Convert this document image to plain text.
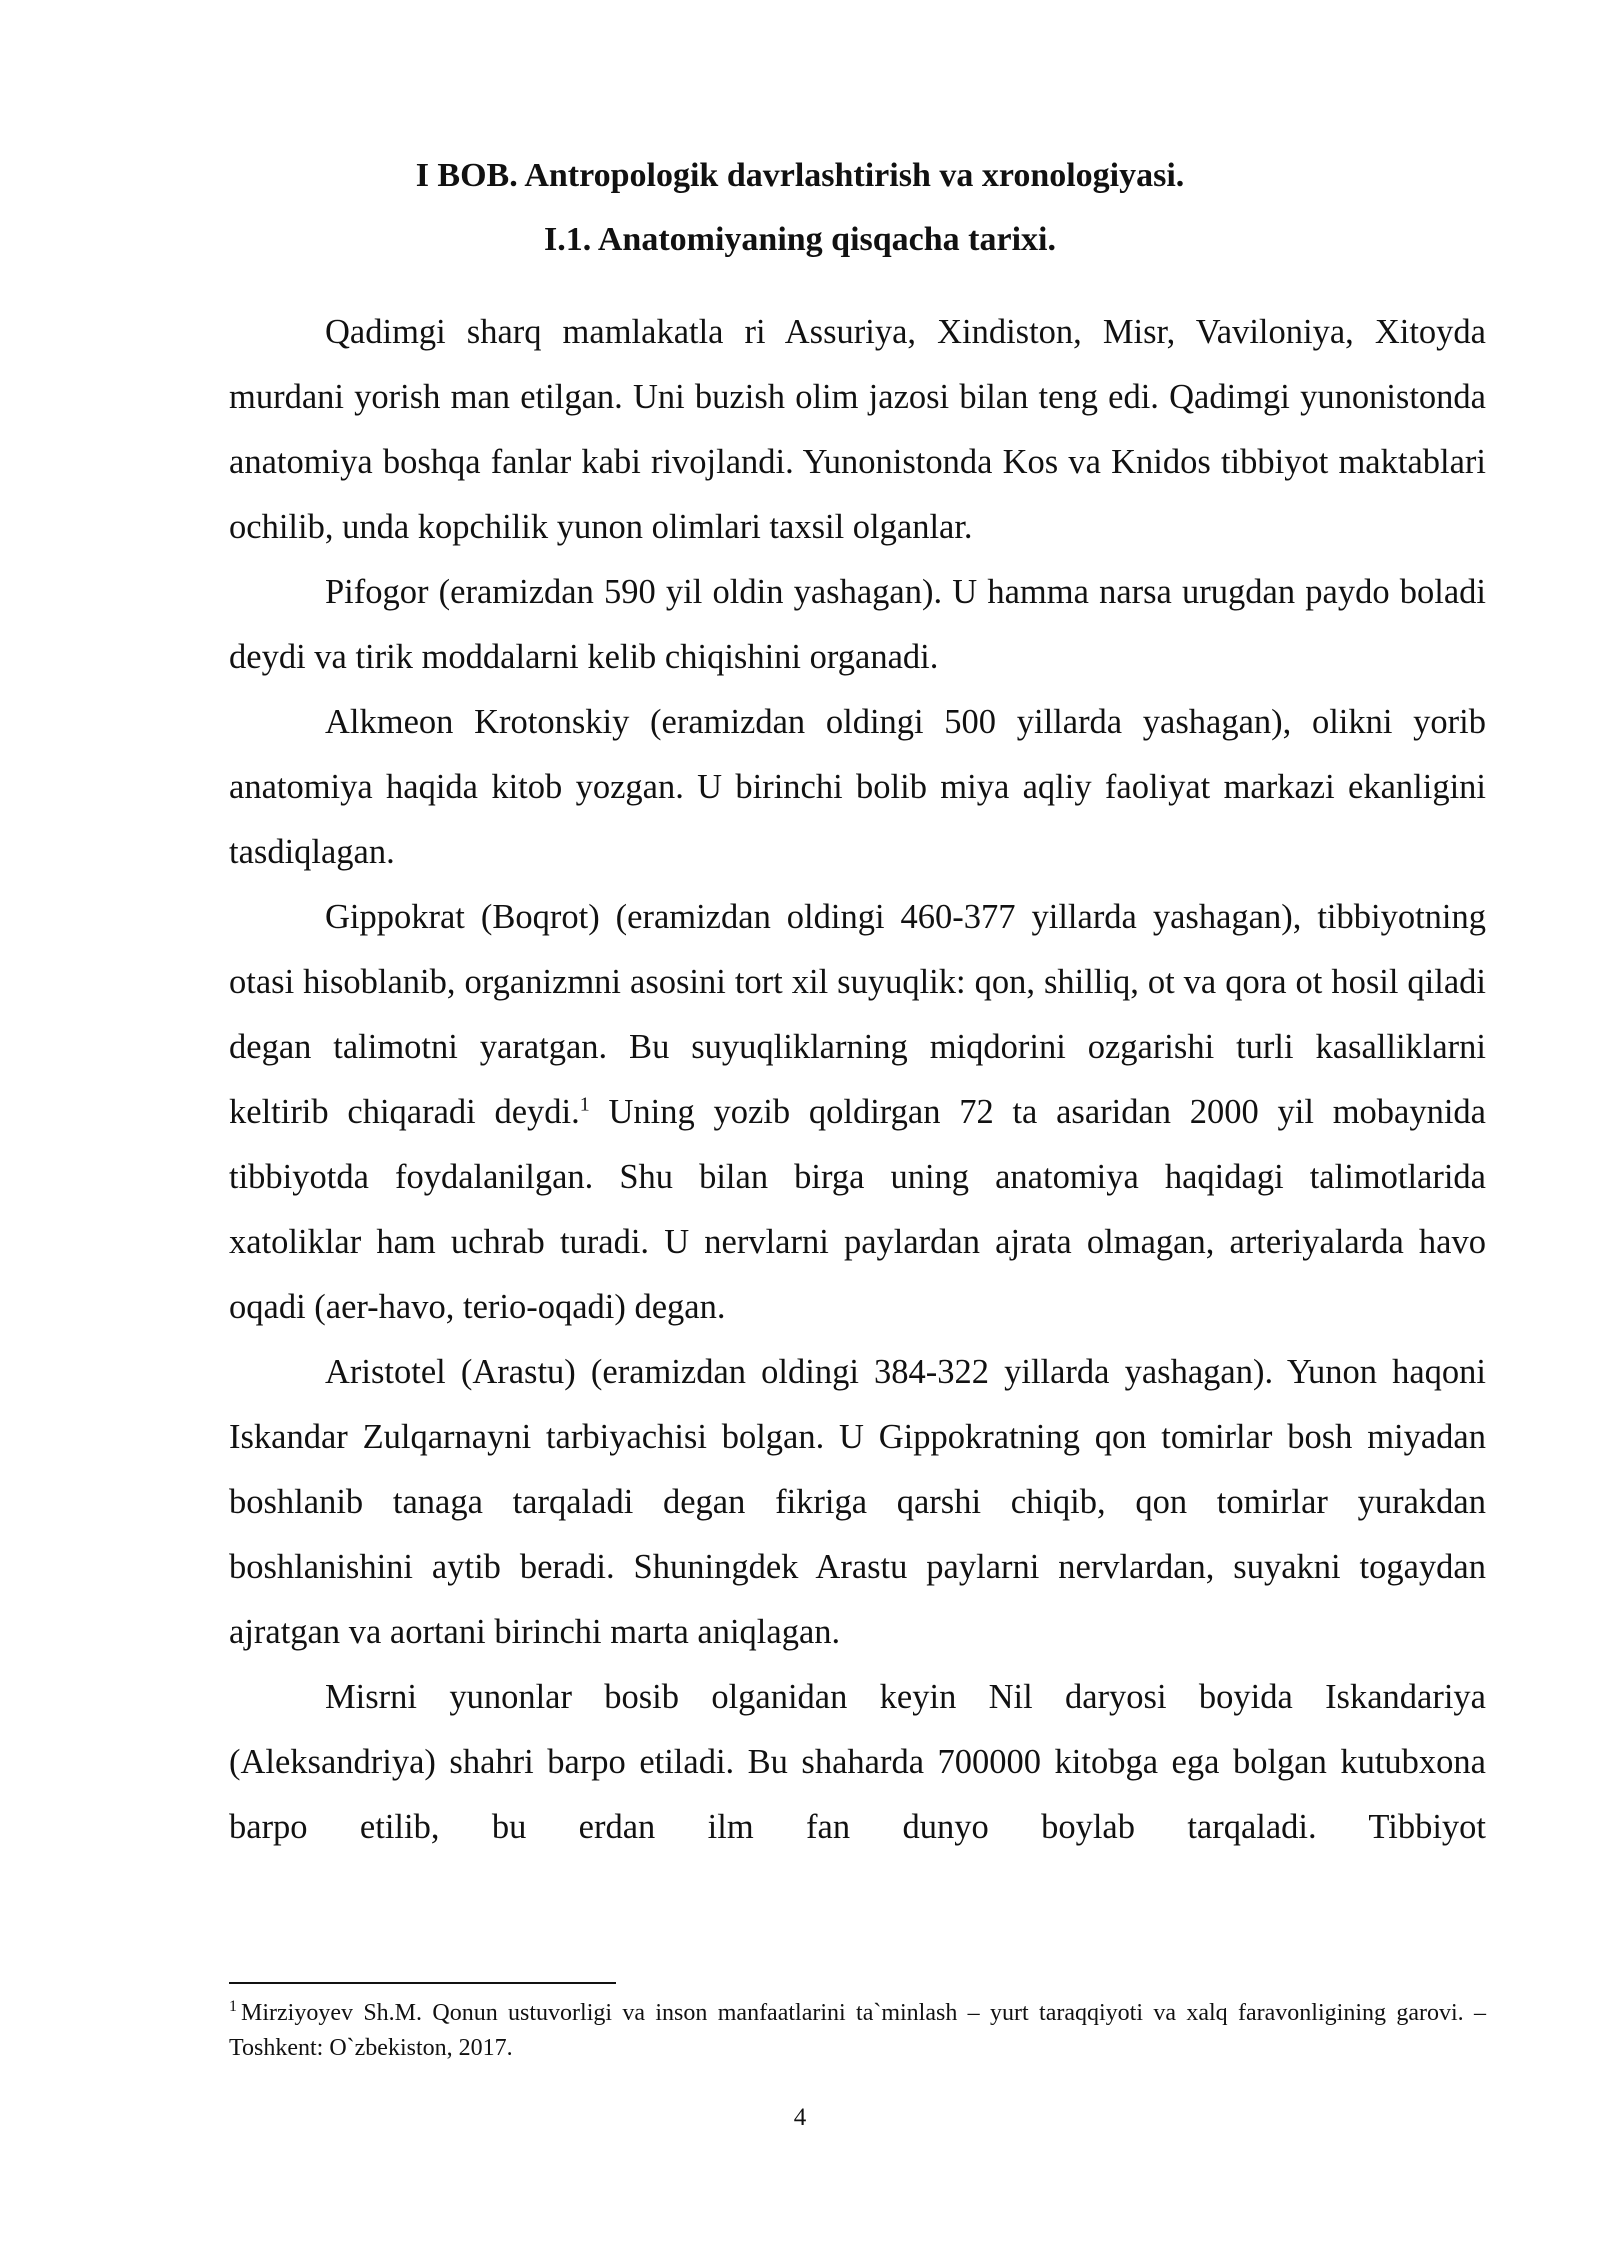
I BOB. Antropologik davrlashtirish va xronologiyasi.
I.1. Anatomiyaning qisqacha tarixi.

Qadimgi sharq mamlakatla ri Assuriya, Xindiston, Misr, Vaviloniya, Xitoyda murdani yorish man etilgan. Uni buzish olim jazosi bilan teng edi. Qadimgi yunonistonda anatomiya boshqa fanlar kabi rivojlandi. Yunonistonda Kos va Knidos tibbiyot maktablari ochilib, unda kopchilik yunon olimlari taxsil olganlar.

Pifogor (eramizdan 590 yil oldin yashagan). U hamma narsa urugdan paydo boladi deydi va tirik moddalarni kelib chiqishini organadi.

Alkmeon Krotonskiy (eramizdan oldingi 500 yillarda yashagan), olikni yorib anatomiya haqida kitob yozgan. U birinchi bolib miya aqliy faoliyat markazi ekanligini tasdiqlagan.

Gippokrat (Boqrot) (eramizdan oldingi 460-377 yillarda yashagan), tibbiyotning otasi hisoblanib, organizmni asosini tort xil suyuqlik: qon, shilliq, ot va qora ot hosil qiladi degan talimotni yaratgan. Bu suyuqliklarning miqdorini ozgarishi turli kasalliklarni keltirib chiqaradi deydi.$^1$ Uning yozib qoldirgan 72 ta asaridan 2000 yil mobaynida tibbiyotda foydalanilgan. Shu bilan birga uning anatomiya haqidagi talimotlarida xatoliklar ham uchrab turadi. U nervlarni paylardan ajrata olmagan, arteriyalarda havo oqadi (aer-havo, terio-oqadi) degan.

Aristotel (Arastu) (eramizdan oldingi 384-322 yillarda yashagan). Yunon haqoni Iskandar Zulqarnayni tarbiyachisi bolgan. U Gippokratning qon tomirlar bosh miyadan boshlanib tanaga tarqaladi degan fikriga qarshi chiqib, qon tomirlar yurakdan boshlanishini aytib beradi. Shuningdek Arastu paylarni nervlardan, suyakni togaydan ajratgan va aortani birinchi marta aniqlagan.

Misrni yunonlar bosib olganidan keyin Nil daryosi boyida Iskandariya (Aleksandriya) shahri barpo etiladi. Bu shaharda 700000 kitobga ega bolgan kutubxona barpo etilib, bu erdan ilm fan dunyo boylab tarqaladi. Tibbiyot

$^1$ Mirziyoyev Sh.M. Qonun ustuvorligi va inson manfaatlarini ta`minlash – yurt taraqqiyoti va xalq faravonligining garovi. – Toshkent: O`zbekiston, 2017.

4
